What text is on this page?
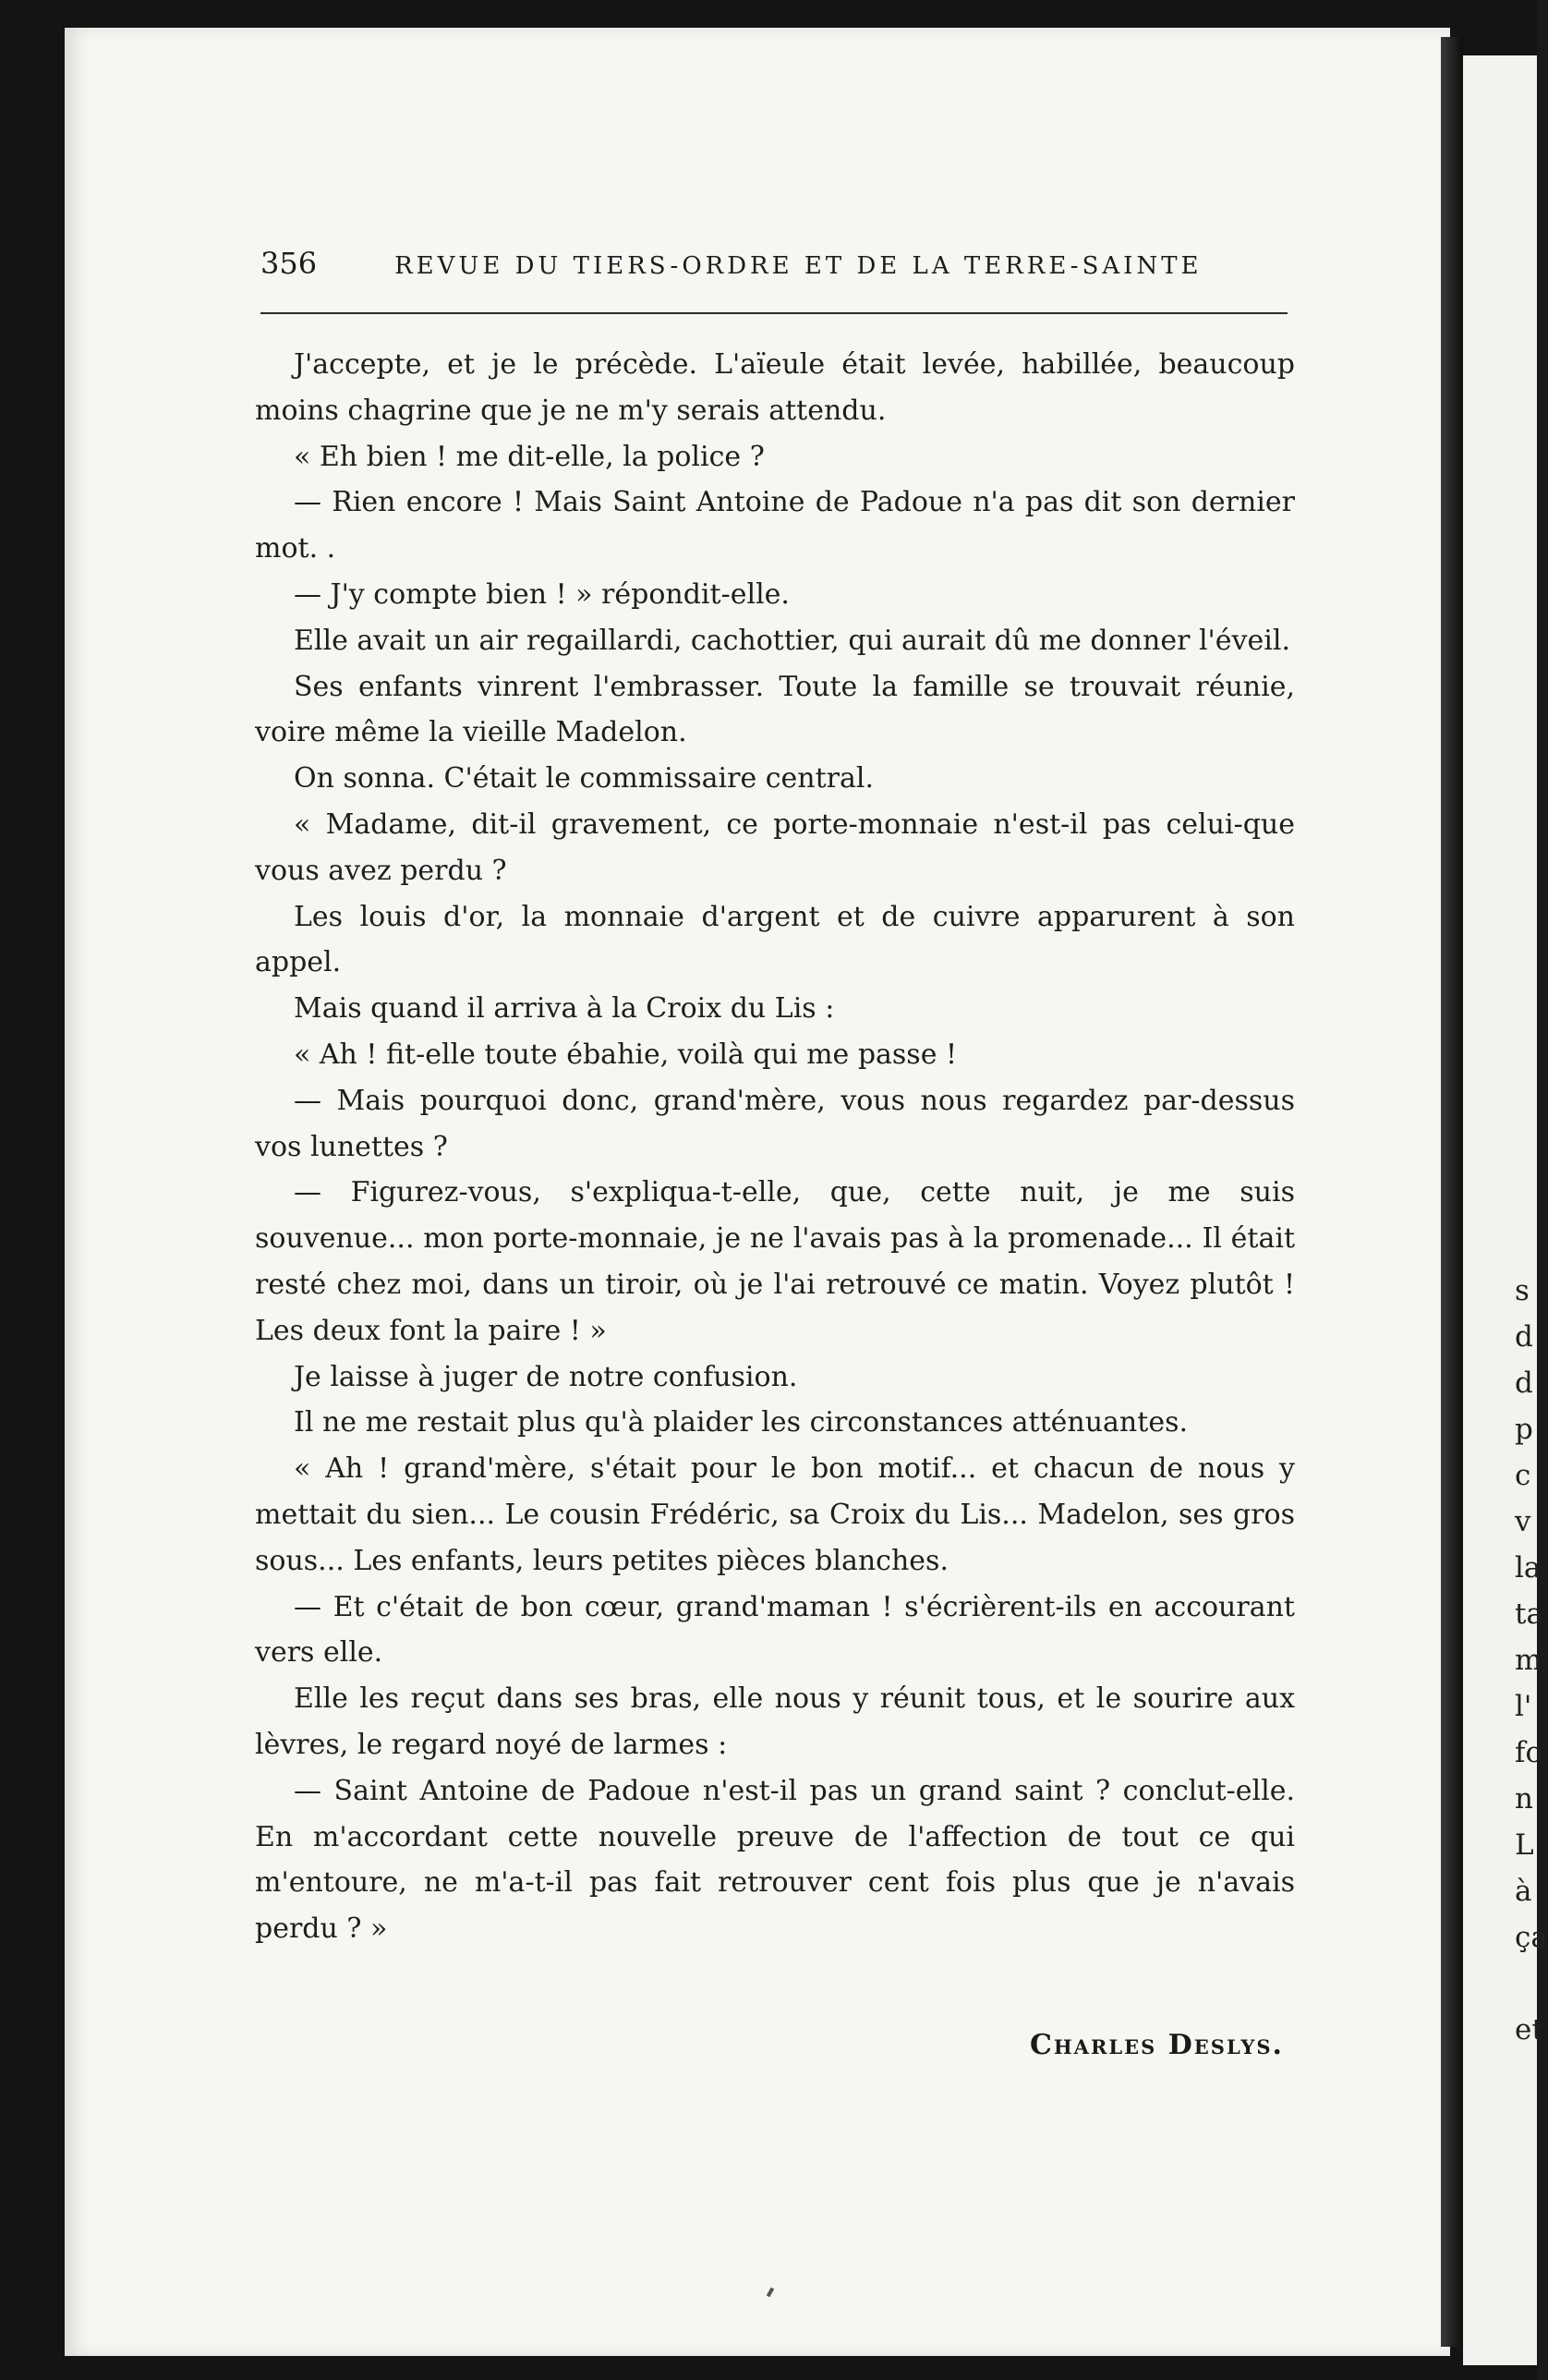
s
d
d
p
c
v
la
ta
m
l'
fo
n
L
à
ça
et
356	REVUE DU TIERS-ORDRE ET DE LA TERRE-SAINTE

J'accepte, et je le précède. L'aïeule était levée, habillée, beaucoup moins chagrine que je ne m'y serais attendu.

« Eh bien ! me dit-elle, la police ?

— Rien encore ! Mais Saint Antoine de Padoue n'a pas dit son dernier mot. .

— J'y compte bien ! » répondit-elle.

Elle avait un air regaillardi, cachottier, qui aurait dû me donner l'éveil.

Ses enfants vinrent l'embrasser. Toute la famille se trouvait réunie, voire même la vieille Madelon.

On sonna. C'était le commissaire central.

« Madame, dit-il gravement, ce porte-monnaie n'est-il pas celui-que vous avez perdu ?

Les louis d'or, la monnaie d'argent et de cuivre apparurent à son appel.

Mais quand il arriva à la Croix du Lis :

« Ah ! fit-elle toute ébahie, voilà qui me passe !

— Mais pourquoi donc, grand'mère, vous nous regardez par-dessus vos lunettes ?

— Figurez-vous, s'expliqua-t-elle, que, cette nuit, je me suis souvenue... mon porte-monnaie, je ne l'avais pas à la promenade... Il était resté chez moi, dans un tiroir, où je l'ai retrouvé ce matin. Voyez plutôt ! Les deux font la paire ! »

Je laisse à juger de notre confusion.

Il ne me restait plus qu'à plaider les circonstances atténuantes.

« Ah ! grand'mère, s'était pour le bon motif... et chacun de nous y mettait du sien... Le cousin Frédéric, sa Croix du Lis... Madelon, ses gros sous... Les enfants, leurs petites pièces blanches.

— Et c'était de bon cœur, grand'maman ! s'écrièrent-ils en accourant vers elle.

Elle les reçut dans ses bras, elle nous y réunit tous, et le sourire aux lèvres, le regard noyé de larmes :

— Saint Antoine de Padoue n'est-il pas un grand saint ? conclut-elle. En m'accordant cette nouvelle preuve de l'affection de tout ce qui m'entoure, ne m'a-t-il pas fait retrouver cent fois plus que je n'avais perdu ? »

Charles Deslys.
